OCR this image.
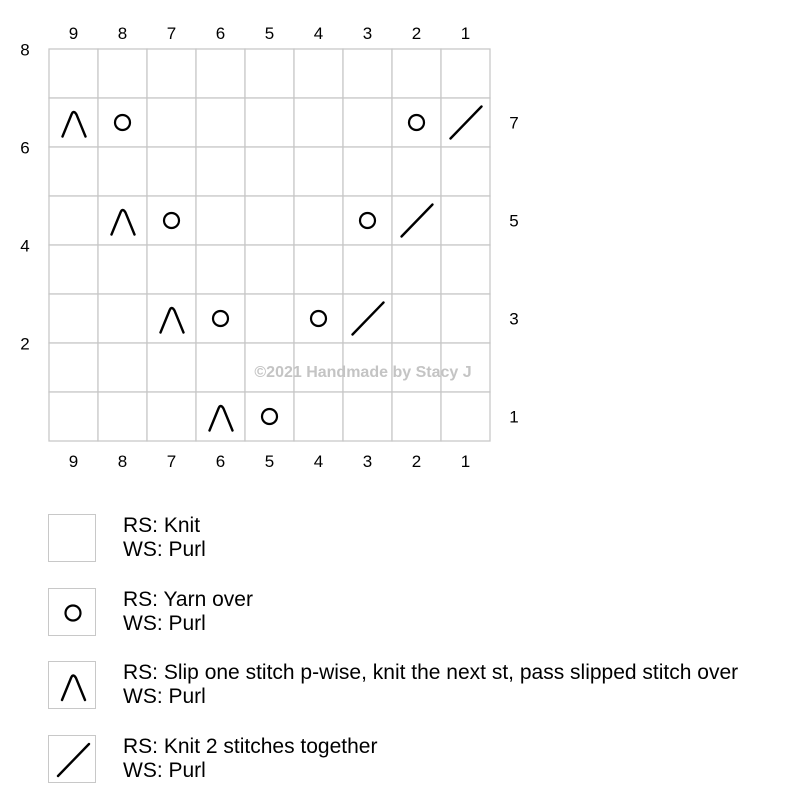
9 8 7 6 5 4 3 2 1
9 8 7 6 5 4 3 2 1
8
6
4
2
7
5
3
1
©2021 Handmade by Stacy J
RS: Knit
WS: Purl
RS: Yarn over
WS: Purl
RS: Slip one stitch p-wise, knit the next st, pass slipped stitch over
WS: Purl
RS: Knit 2 stitches together
WS: Purl
